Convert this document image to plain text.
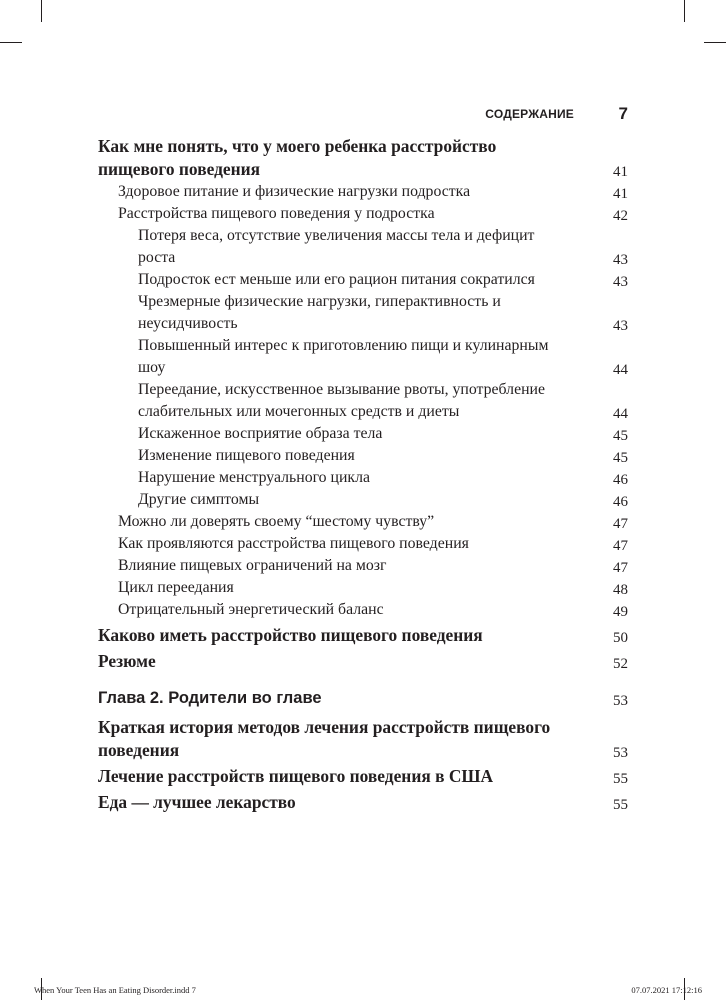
СОДЕРЖАНИЕ	7
Как мне понять, что у моего ребенка расстройство пищевого поведения	41
Здоровое питание и физические нагрузки подростка	41
Расстройства пищевого поведения у подростка	42
Потеря веса, отсутствие увеличения массы тела и дефицит роста	43
Подросток ест меньше или его рацион питания сократился	43
Чрезмерные физические нагрузки, гиперактивность и неусидчивость	43
Повышенный интерес к приготовлению пищи и кулинарным шоу	44
Переедание, искусственное вызывание рвоты, употребление слабительных или мочегонных средств и диеты	44
Искаженное восприятие образа тела	45
Изменение пищевого поведения	45
Нарушение менструального цикла	46
Другие симптомы	46
Можно ли доверять своему “шестому чувству”	47
Как проявляются расстройства пищевого поведения	47
Влияние пищевых ограничений на мозг	47
Цикл переедания	48
Отрицательный энергетический баланс	49
Каково иметь расстройство пищевого поведения	50
Резюме	52
Глава 2. Родители во главе	53
Краткая история методов лечения расстройств пищевого поведения	53
Лечение расстройств пищевого поведения в США	55
Еда — лучшее лекарство	55
When Your Teen Has an Eating Disorder.indd 7	07.07.2021 17:12:16
